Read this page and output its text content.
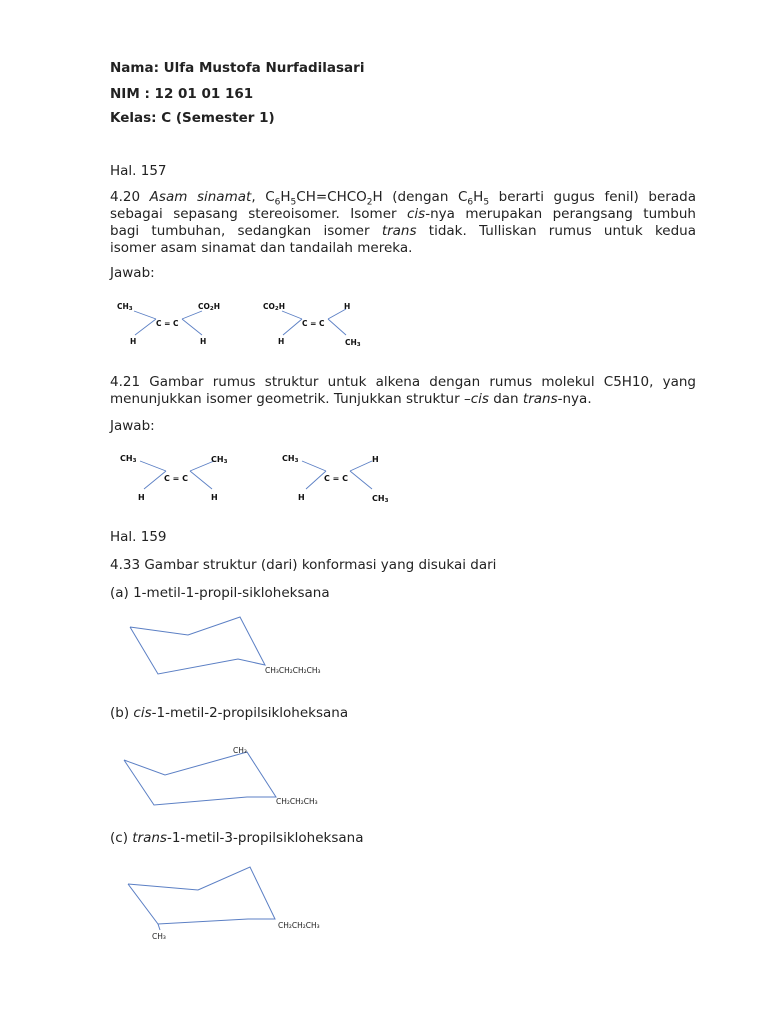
Nama: Ulfa Mustofa Nurfadilasari
NIM : 12 01 01 161
Kelas: C (Semester 1)
Hal. 157
4.20 Asam sinamat, $C_6H_5CH=CHCO_2H$ (dengan $C_6H_5$ berarti gugus fenil) berada
sebagai sepasang stereoisomer. Isomer cis-nya merupakan perangsang tumbuh
bagi tumbuhan, sedangkan isomer trans tidak. Tulliskan rumus untuk kedua
isomer asam sinamat dan tandailah mereka.
Jawab:
CH3	CO2H
C = C
H	H
CO2H	H
C = C
H	CH3
4.21 Gambar rumus struktur untuk alkena dengan rumus molekul C5H10, yang
menunjukkan isomer geometrik. Tunjukkan struktur –cis dan trans-nya.
Jawab:
CH3	CH3
C = C
H	H
CH3	H
C = C
H	CH3
Hal. 159
4.33 Gambar struktur (dari) konformasi yang disukai dari
(a) 1-metil-1-propil-sikloheksana
CH₃CH₂CH₂CH₃
(b) cis-1-metil-2-propilsikloheksana
CH₃
CH₂CH₂CH₃
(c) trans-1-metil-3-propilsikloheksana
CH₃
CH₂CH₂CH₃
